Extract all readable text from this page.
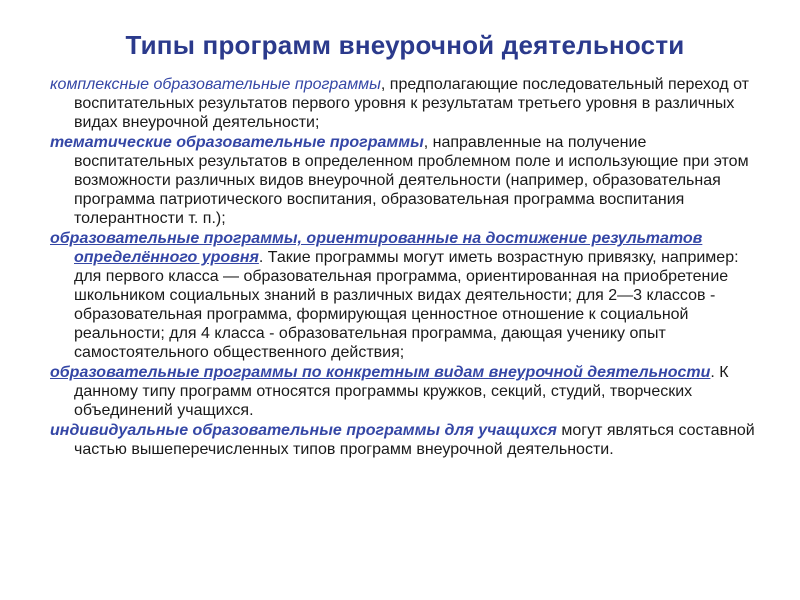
Типы программ внеурочной деятельности
комплексные образовательные программы, предполагающие последовательный переход от воспитательных результатов первого уровня к результатам третьего уровня в различных видах внеурочной деятельности;
тематические образовательные программы, направленные на получение воспитательных результатов в определенном проблемном поле и использующие при этом возможности различных видов внеурочной деятельности (например, образовательная программа патриотического воспитания, образовательная программа воспитания толерантности т. п.);
образовательные программы, ориентированные на достижение результатов определённого уровня. Такие программы могут иметь возрастную привязку, например: для первого класса — образовательная программа, ориентированная на приобретение школьником социальных знаний в различных видах деятельности; для 2—3 классов - образовательная программа, формирующая ценностное отношение к социальной реальности; для 4 класса - образовательная программа, дающая ученику опыт самостоятельного общественного действия;
образовательные программы по конкретным видам внеурочной деятельности. К данному типу программ относятся программы кружков, секций, студий, творческих объединений учащихся.
индивидуальные образовательные программы для учащихся могут являться составной частью вышеперечисленных типов программ внеурочной деятельности.
